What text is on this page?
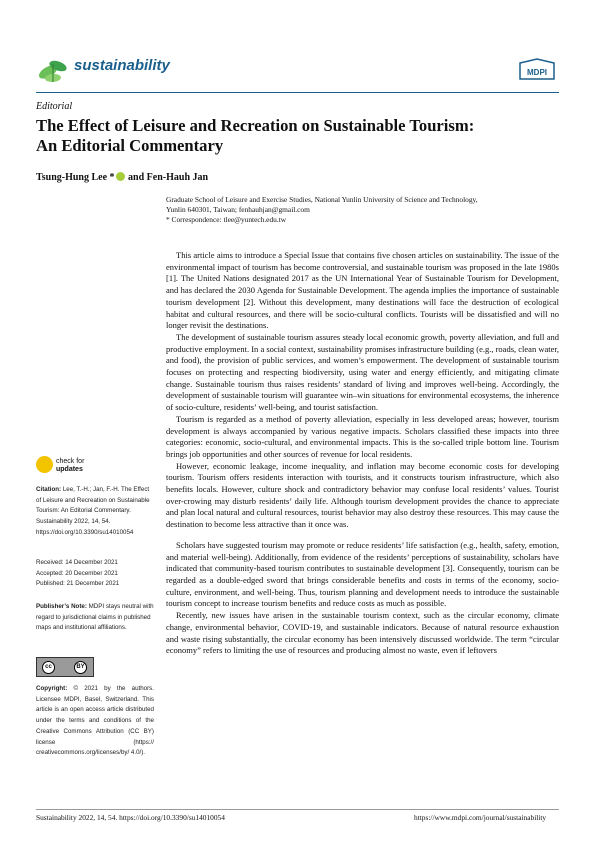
sustainability	MDPI
Editorial
The Effect of Leisure and Recreation on Sustainable Tourism:
An Editorial Commentary
Tsung-Hung Lee * and Fen-Hauh Jan
Graduate School of Leisure and Exercise Studies, National Yunlin University of Science and Technology,
Yunlin 640301, Taiwan; fenhauhjan@gmail.com
* Correspondence: tlee@yuntech.edu.tw

This article aims to introduce a Special Issue that contains five chosen articles on sustainability. The issue of the environmental impact of tourism has become controversial, and sustainable tourism was proposed in the late 1980s [1]. The United Nations designated 2017 as the UN International Year of Sustainable Tourism for Development, and has declared the 2030 Agenda for Sustainable Development. The agenda implies the importance of sustainable tourism development [2]. Without this development, many destinations will face the destruction of ecological habitat and cultural resources, and there will be socio-cultural conflicts. Tourists will be dissatisfied and will no longer revisit the destinations.

The development of sustainable tourism assures steady local economic growth, poverty alleviation, and full and productive employment. In a social context, sustainability promises infrastructure building (e.g., roads, clean water, and food), the provision of public services, and women’s empowerment. The development of sustainable tourism focuses on protecting and respecting biodiversity, using water and energy efficiently, and mitigating climate change. Sustainable tourism thus raises residents’ standard of living and improves well-being. Accordingly, the development of sustainable tourism will guarantee win–win situations for environmental ecosystems, the inherence of socio-culture, residents’ well-being, and tourist satisfaction.

Tourism is regarded as a method of poverty alleviation, especially in less developed areas; however, tourism development is always accompanied by various negative impacts. Scholars classified these impacts into three categories: economic, socio-cultural, and environmental impacts. This is the so-called triple bottom line. Tourism brings job opportunities and other sources of revenue for local residents.

However, economic leakage, income inequality, and inflation may become economic costs for developing tourism. Tourism offers residents interaction with tourists, and it constructs tourism infrastructure, which also benefits locals. However, culture shock and contradictory behavior may confuse local residents’ values. Tourist over-crowing may disturb residents’ daily life. Although tourism development provides the chance to appreciate and plan local natural and cultural resources, tourist behavior may also destroy these resources. This may cause the destination to become less attractive than it once was.

Scholars have suggested tourism may promote or reduce residents’ life satisfaction (e.g., health, safety, emotion, and material well-being). Additionally, from evidence of the residents’ perceptions of sustainability, scholars have indicated that community-based tourism contributes to sustainable development [3]. Consequently, tourism can be regarded as a double-edged sword that brings considerable benefits and costs in terms of the economy, socio-culture, environment, and well-being. Thus, tourism planning and development needs to introduce the sustainable tourism concept to increase tourism benefits and reduce costs as much as possible.

Recently, new issues have arisen in the sustainable tourism context, such as the circular economy, climate change, environmental behavior, COVID-19, and sustainable indicators. Because of natural resource exhaustion and waste rising substantially, the circular economy has been intensively discussed worldwide. The term “circular economy” refers to limiting the use of resources and producing almost no waste, even if leftovers

check for
updates
Citation: Lee, T.-H.; Jan, F.-H. The Effect of Leisure and Recreation on Sustainable Tourism: An Editorial Commentary. Sustainability 2022, 14, 54. https://doi.org/10.3390/su14010054
Received: 14 December 2021
Accepted: 20 December 2021
Published: 21 December 2021
Publisher’s Note: MDPI stays neutral with regard to jurisdictional claims in published maps and institutional affiliations.
cc	BY
Copyright: © 2021 by the authors. Licensee MDPI, Basel, Switzerland. This article is an open access article distributed under the terms and conditions of the Creative Commons Attribution (CC BY) license (https:// creativecommons.org/licenses/by/ 4.0/).
Sustainability 2022, 14, 54. https://doi.org/10.3390/su14010054	https://www.mdpi.com/journal/sustainability
